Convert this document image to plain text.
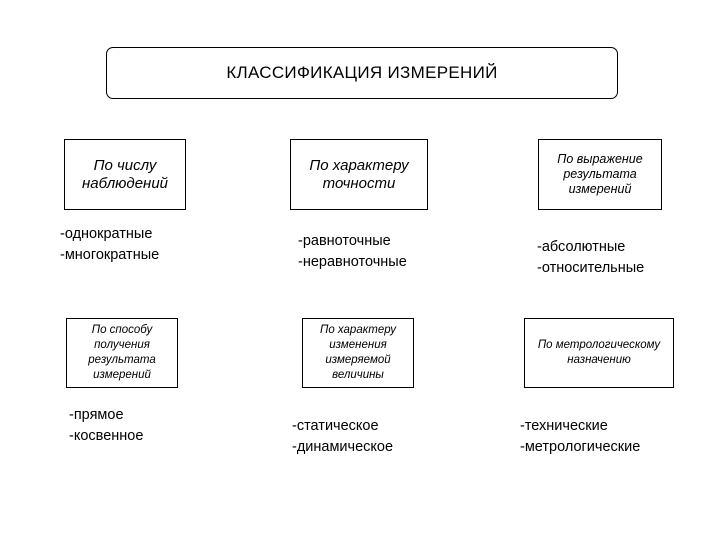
КЛАССИФИКАЦИЯ ИЗМЕРЕНИЙ
По числу наблюдений
По характеру точности
По выражение результата измерений
-однократные
-многократные
-равноточные
-неравноточные
-абсолютные
-относительные
По способу получения результата измерений
По характеру изменения измеряемой величины
По метрологическому назначению
-прямое
-косвенное
-статическое
-динамическое
-технические
-метрологические
